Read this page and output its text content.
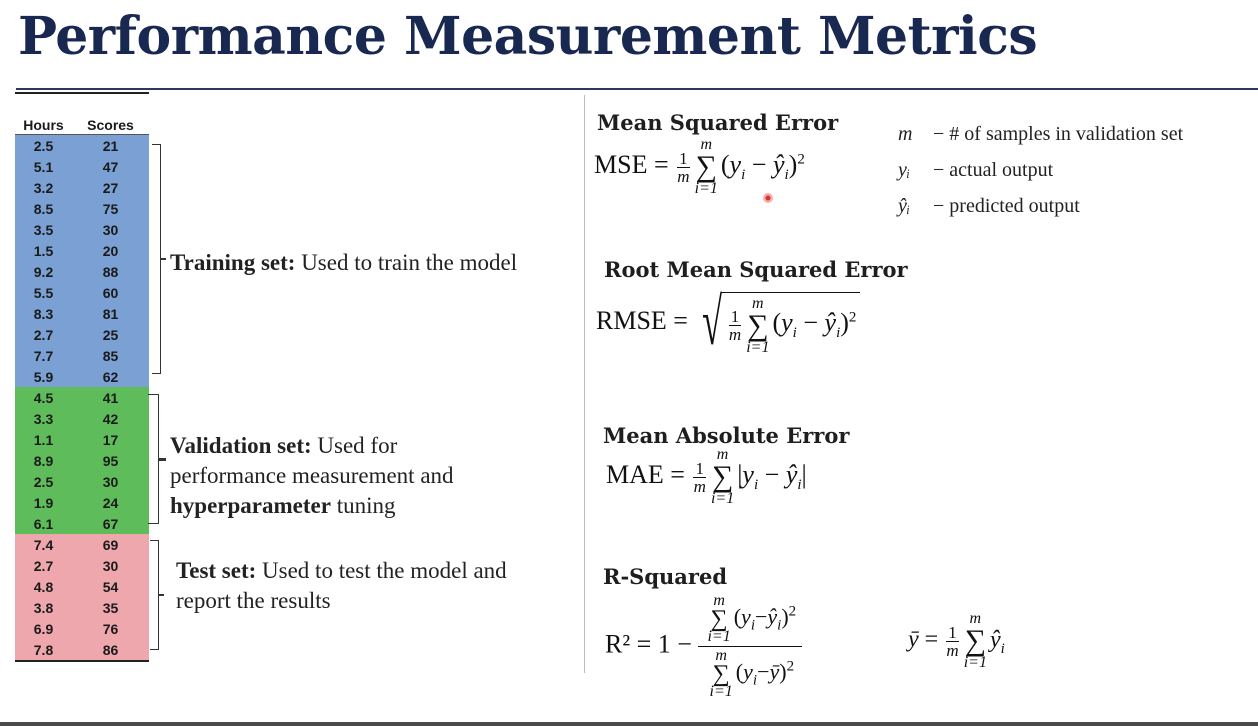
Performance Measurement Metrics
Hours	Scores
2.5	21
5.1	47
3.2	27
8.5	75
3.5	30
1.5	20
9.2	88
5.5	60
8.3	81
2.7	25
7.7	85
5.9	62
4.5	41
3.3	42
1.1	17
8.9	95
2.5	30
1.9	24
6.1	67
7.4	69
2.7	30
4.8	54
3.8	35
6.9	76
7.8	86
Training set: Used to train the model
Validation set: Used for
performance measurement and
hyperparameter tuning
Test set: Used to test the model and
report the results
Mean Squared Error
MSE = $\frac{1}{m}$
m
∑
i=1
($y_i$ − $ŷ_i)^2$
m − # of samples in validation set
yᵢ − actual output
ŷᵢ − predicted output
Root Mean Squared Error
RMSE = √ $\frac{1}{m}$
m
∑
i=1
($y_i$ − $ŷ_i)^2$
Mean Absolute Error
MAE = $\frac{1}{m}$
m
∑
i=1
$|y_i$ − $ŷ_i|$
R-Squared
R² = 1 − m
∑
i=1
$(y_i-ŷ_i)^2$
m
∑
i=1
$(y_i-ȳ)^2$	ȳ = $\frac{1}{m}$
m
∑
i=1
$ŷ_i$
